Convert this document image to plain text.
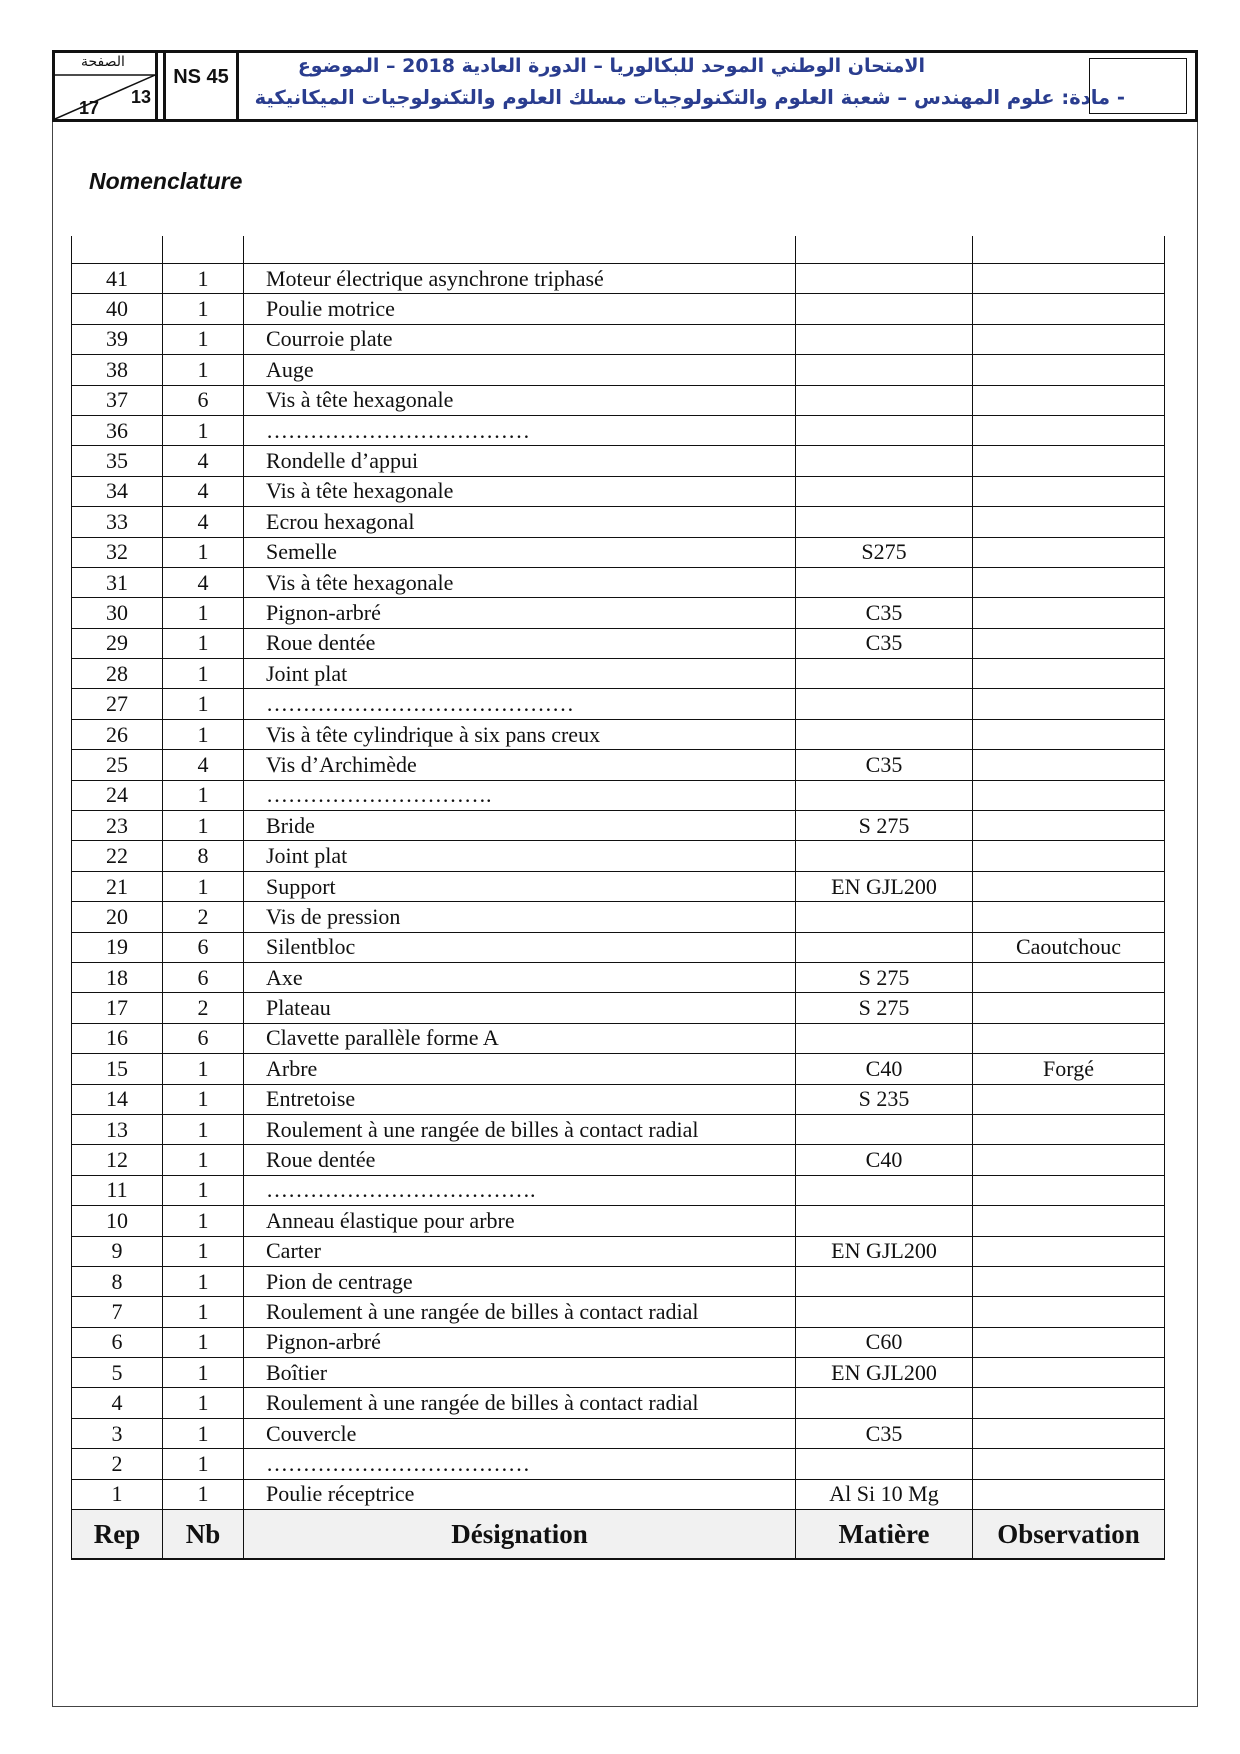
الصفحة
13
17
NS 45	الامتحان الوطني الموحد للبكالوريا – الدورة العادية 2018 – الموضوع
- مادة: علوم المهندس – شعبة العلوم والتكنولوجيات مسلك العلوم والتكنولوجيات الميكانيكية
Nomenclature

41	1	Moteur électrique asynchrone triphasé		
40	1	Poulie motrice		
39	1	Courroie plate		
38	1	Auge		
37	6	Vis à tête hexagonale		
36	1	………………………………		
35	4	Rondelle d’appui		
34	4	Vis à tête hexagonale		
33	4	Ecrou hexagonal		
32	1	Semelle	S275	
31	4	Vis à tête hexagonale		
30	1	Pignon-arbré	C35	
29	1	Roue dentée	C35	
28	1	Joint plat		
27	1	……………………………………		
26	1	Vis à tête cylindrique à six pans creux		
25	4	Vis d’Archimède	C35	
24	1	………………………….		
23	1	Bride	S 275	
22	8	Joint plat		
21	1	Support	EN GJL200	
20	2	Vis de pression		
19	6	Silentbloc		Caoutchouc
18	6	Axe	S 275	
17	2	Plateau	S 275	
16	6	Clavette parallèle forme A		
15	1	Arbre	C40	Forgé
14	1	Entretoise	S 235	
13	1	Roulement à une rangée de billes à contact radial		
12	1	Roue dentée	C40	
11	1	……………………………….		
10	1	Anneau élastique pour arbre		
9	1	Carter	EN GJL200	
8	1	Pion de centrage		
7	1	Roulement à une rangée de billes à contact radial		
6	1	Pignon-arbré	C60	
5	1	Boîtier	EN GJL200	
4	1	Roulement à une rangée de billes à contact radial		
3	1	Couvercle	C35	
2	1	………………………………		
1	1	Poulie réceptrice	Al Si 10 Mg	
Rep	Nb	Désignation	Matière	Observation
